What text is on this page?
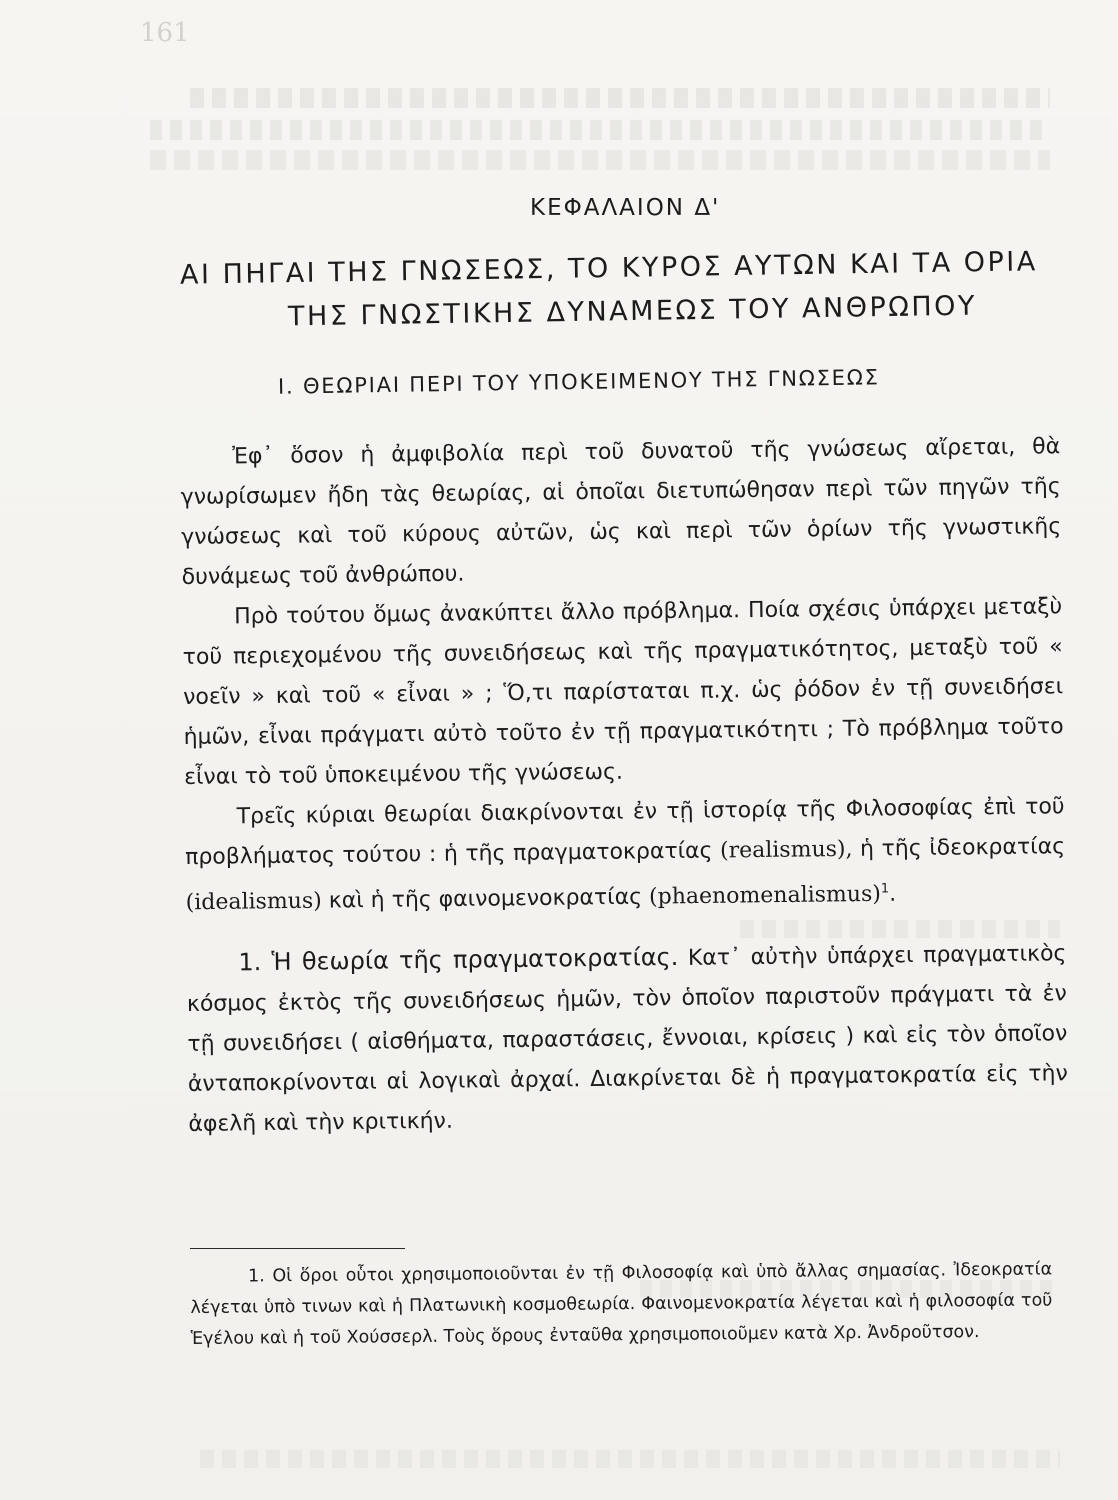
161
ΚΕΦΑΛΑΙΟΝ Δ'
ΑΙ ΠΗΓΑΙ ΤΗΣ ΓΝΩΣΕΩΣ, ΤΟ ΚΥΡΟΣ ΑΥΤΩΝ ΚΑΙ ΤΑ ΟΡΙΑ
ΤΗΣ ΓΝΩΣΤΙΚΗΣ ΔΥΝΑΜΕΩΣ ΤΟΥ ΑΝΘΡΩΠΟΥ
Ι. ΘΕΩΡΙΑΙ ΠΕΡΙ ΤΟΥ ΥΠΟΚΕΙΜΕΝΟΥ ΤΗΣ ΓΝΩΣΕΩΣ

Ἐφ᾽ ὅσον ἡ ἀμφιβολία περὶ τοῦ δυνατοῦ τῆς γνώσεως αἴρεται, θὰ γνωρίσωμεν ἤδη τὰς θεωρίας, αἱ ὁποῖαι διετυπώθησαν περὶ τῶν πηγῶν τῆς γνώσεως καὶ τοῦ κύρους αὐτῶν, ὡς καὶ περὶ τῶν ὁρίων τῆς γνωστικῆς δυνάμεως τοῦ ἀνθρώπου.

Πρὸ τούτου ὅμως ἀνακύπτει ἄλλο πρόβλημα. Ποία σχέσις ὑπάρχει μεταξὺ τοῦ περιεχομένου τῆς συνειδήσεως καὶ τῆς πραγματικότητος, μεταξὺ τοῦ « νοεῖν » καὶ τοῦ « εἶναι » ; Ὅ,τι παρίσταται π.χ. ὡς ῥόδον ἐν τῇ συνειδήσει ἡμῶν, εἶναι πράγματι αὐτὸ τοῦτο ἐν τῇ πραγματικότητι ; Τὸ πρόβλημα τοῦτο εἶναι τὸ τοῦ ὑποκειμένου τῆς γνώσεως.

Τρεῖς κύριαι θεωρίαι διακρίνονται ἐν τῇ ἱστορίᾳ τῆς Φιλοσοφίας ἐπὶ τοῦ προβλήματος τούτου : ἡ τῆς πραγματοκρατίας (realismus), ἡ τῆς ἰδεοκρατίας (idealismus) καὶ ἡ τῆς φαινομενοκρατίας (phaenomenalismus)$^1$.

1. Ἡ θεωρία τῆς πραγματοκρατίας. Κατ᾽ αὐτὴν ὑπάρχει πραγματικὸς κόσμος ἐκτὸς τῆς συνειδήσεως ἡμῶν, τὸν ὁποῖον παριστοῦν πράγματι τὰ ἐν τῇ συνειδήσει ( αἰσθήματα, παραστάσεις, ἔννοιαι, κρίσεις ) καὶ εἰς τὸν ὁποῖον ἀνταποκρίνονται αἱ λογικαὶ ἀρχαί. Διακρίνεται δὲ ἡ πραγματοκρατία εἰς τὴν ἀφελῆ καὶ τὴν κριτικήν.

1. Οἱ ὅροι οὗτοι χρησιμοποιοῦνται ἐν τῇ Φιλοσοφίᾳ καὶ ὑπὸ ἄλλας σημασίας. Ἰδεοκρατία λέγεται ὑπὸ τινων καὶ ἡ Πλατωνικὴ κοσμοθεωρία. Φαινομενοκρατία λέγεται καὶ ἡ φιλοσοφία τοῦ Ἑγέλου καὶ ἡ τοῦ Χούσσερλ. Τοὺς ὅρους ἐνταῦθα χρησιμοποιοῦμεν κατὰ Χρ. Ἀνδροῦτσον.
